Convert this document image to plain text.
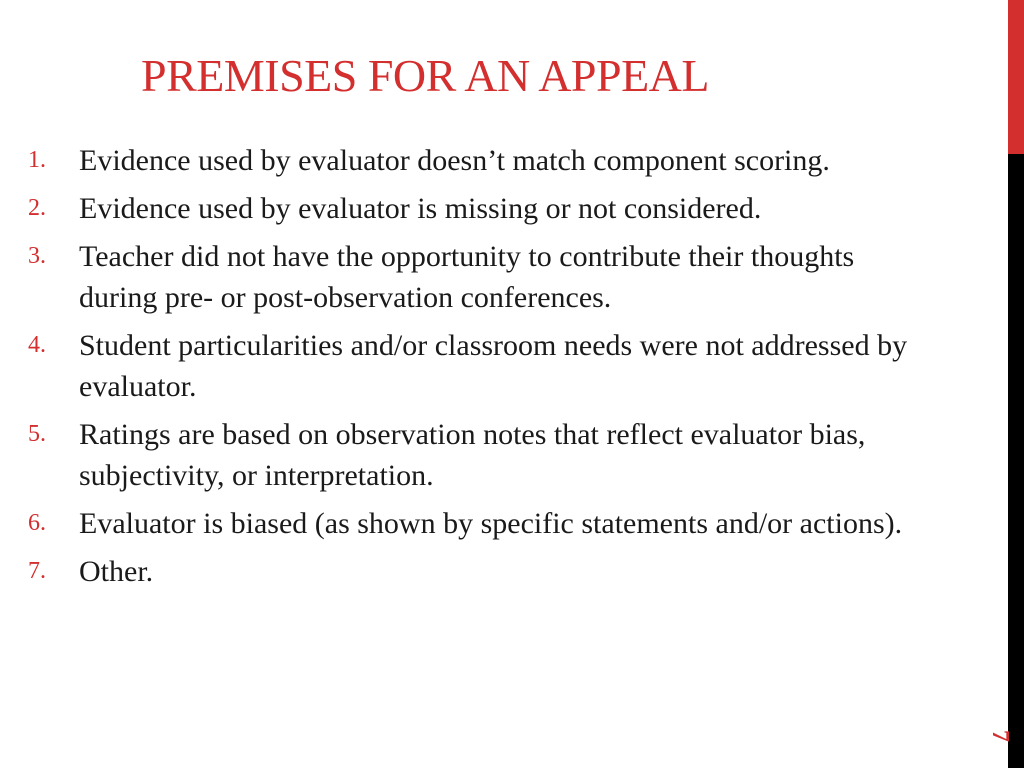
PREMISES FOR AN APPEAL
1.	Evidence used by evaluator doesn’t match component scoring.
2.	Evidence used by evaluator is missing or not considered.
3.	Teacher did not have the opportunity to contribute their thoughts during pre- or post-observation conferences.
4.	Student particularities and/or classroom needs were not addressed by evaluator.
5.	Ratings are based on observation notes that reflect evaluator bias, subjectivity, or interpretation.
6.	Evaluator is biased (as shown by specific statements and/or actions).
7.	Other.
7
